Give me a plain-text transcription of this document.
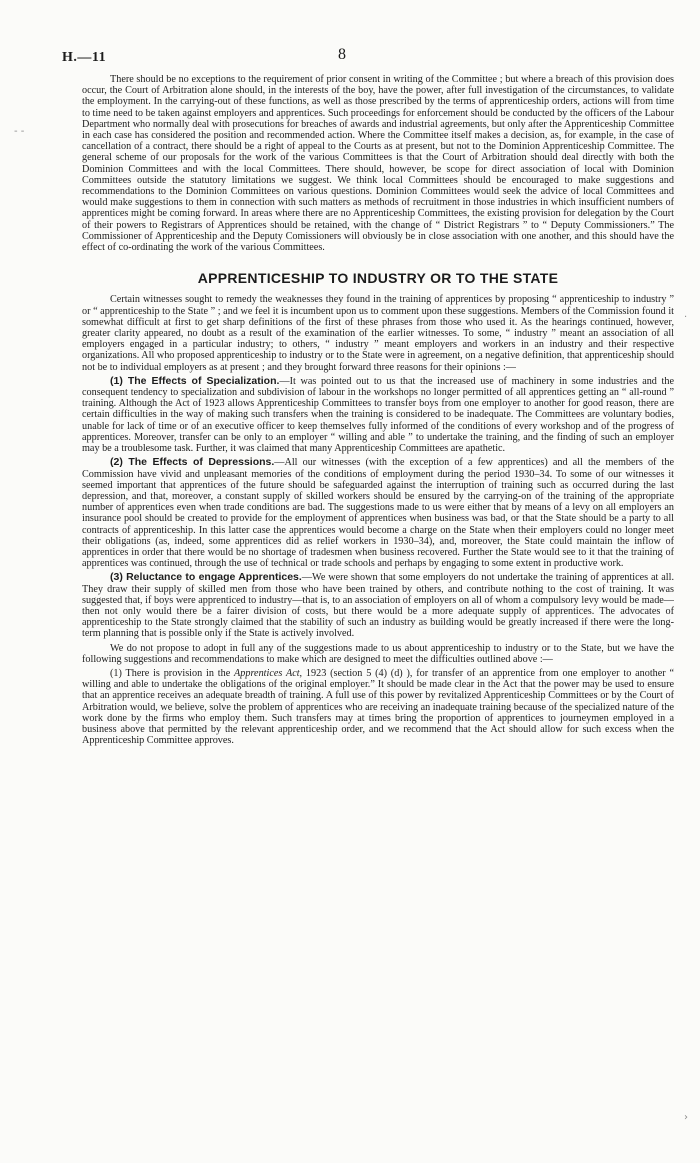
H.—11	8
- -
·
›

There should be no exceptions to the requirement of prior consent in writing of the Committee ; but where a breach of this provision does occur, the Court of Arbitration alone should, in the interests of the boy, have the power, after full investigation of the circumstances, to validate the employment. In the carrying-out of these functions, as well as those prescribed by the terms of apprenticeship orders, actions will from time to time need to be taken against employers and apprentices. Such proceedings for enforcement should be conducted by the officers of the Labour Department who normally deal with prosecutions for breaches of awards and industrial agreements, but only after the Apprenticeship Committee in each case has considered the position and recommended action. Where the Committee itself makes a decision, as, for example, in the case of cancellation of a contract, there should be a right of appeal to the Courts as at present, but not to the Dominion Apprenticeship Committee. The general scheme of our proposals for the work of the various Committees is that the Court of Arbitration should deal directly with both the Dominion Committees and with the local Committees. There should, however, be scope for direct association of local with Dominion Committees outside the statutory limitations we suggest. We think local Committees should be encouraged to make suggestions and recommendations to the Dominion Committees on various questions. Dominion Committees would seek the advice of local Committees and would make suggestions to them in connection with such matters as methods of recruitment in those industries in which insufficient numbers of apprentices might be coming forward. In areas where there are no Apprenticeship Committees, the existing provision for delegation by the Court of their powers to Registrars of Apprentices should be retained, with the change of “ District Registrars ” to “ Deputy Commissioners.” The Commissioner of Apprenticeship and the Deputy Comissioners will obviously be in close association with one another, and this should have the effect of co-ordinating the work of the various Committees.

APPRENTICESHIP TO INDUSTRY OR TO THE STATE

Certain witnesses sought to remedy the weaknesses they found in the training of apprentices by proposing “ apprenticeship to industry ” or “ apprenticeship to the State ” ; and we feel it is incumbent upon us to comment upon these suggestions. Members of the Commission found it somewhat difficult at first to get sharp definitions of the first of these phrases from those who used it. As the hearings continued, however, greater clarity appeared, no doubt as a result of the examination of the earlier witnesses. To some, “ industry ” meant an association of all employers engaged in a particular industry; to others, “ industry ” meant employers and workers in an industry and their respective organizations. All who proposed apprenticeship to industry or to the State were in agreement, on a negative definition, that apprenticeship should not be to individual employers as at present ; and they brought forward three reasons for their opinions :—

(1) The Effects of Specialization.—It was pointed out to us that the increased use of machinery in some industries and the consequent tendency to specialization and subdivision of labour in the workshops no longer permitted of all apprentices getting an “ all-round ” training. Although the Act of 1923 allows Apprenticeship Committees to transfer boys from one employer to another for good reason, there are certain difficulties in the way of making such transfers when the training is considered to be inadequate. The Committees are voluntary bodies, unable for lack of time or of an executive officer to keep themselves fully informed of the conditions of every workshop and of the progress of apprentices. Moreover, transfer can be only to an employer “ willing and able ” to undertake the training, and the finding of such an employer may be a troublesome task. Further, it was claimed that many Apprenticeship Committees are apathetic.

(2) The Effects of Depressions.—All our witnesses (with the exception of a few apprentices) and all the members of the Commission have vivid and unpleasant memories of the conditions of employment during the period 1930–34. To some of our witnesses it seemed important that apprentices of the future should be safeguarded against the interruption of training such as occurred during the last depression, and that, moreover, a constant supply of skilled workers should be ensured by the carrying-on of the training of the appropriate number of apprentices even when trade conditions are bad. The suggestions made to us were either that by means of a levy on all employers an insurance pool should be created to provide for the employment of apprentices when business was bad, or that the State should be a party to all contracts of apprenticeship. In this latter case the apprentices would become a charge on the State when their employers could no longer meet their obligations (as, indeed, some apprentices did as relief workers in 1930–34), and, moreover, the State could maintain the inflow of apprentices in order that there would be no shortage of tradesmen when business recovered. Further the State would see to it that the training of apprentices was continued, through the use of technical or trade schools and perhaps by engaging to some extent in productive work.

(3) Reluctance to engage Apprentices.—We were shown that some employers do not undertake the training of apprentices at all. They draw their supply of skilled men from those who have been trained by others, and contribute nothing to the cost of training. It was suggested that, if boys were apprenticed to industry—that is, to an association of employers on all of whom a compulsory levy would be made—then not only would there be a fairer division of costs, but there would be a more adequate supply of apprentices. The advocates of apprenticeship to the State strongly claimed that the stability of such an industry as building would be greatly increased if there were the long-term planning that is possible only if the State is actively involved.

We do not propose to adopt in full any of the suggestions made to us about apprenticeship to industry or to the State, but we have the following suggestions and recommendations to make which are designed to meet the difficulties outlined above :—

(1) There is provision in the Apprentices Act, 1923 (section 5 (4) (d) ), for transfer of an apprentice from one employer to another “ willing and able to undertake the obligations of the original employer.” It should be made clear in the Act that the power may be used to ensure that an apprentice receives an adequate breadth of training. A full use of this power by revitalized Apprenticeship Committees or by the Court of Arbitration would, we believe, solve the problem of apprentices who are receiving an inadequate training because of the specialized nature of the work done by the firms who employ them. Such transfers may at times bring the proportion of apprentices to journeymen employed in a business above that permitted by the relevant apprenticeship order, and we recommend that the Act should allow for such excess when the Apprenticeship Committee approves.
